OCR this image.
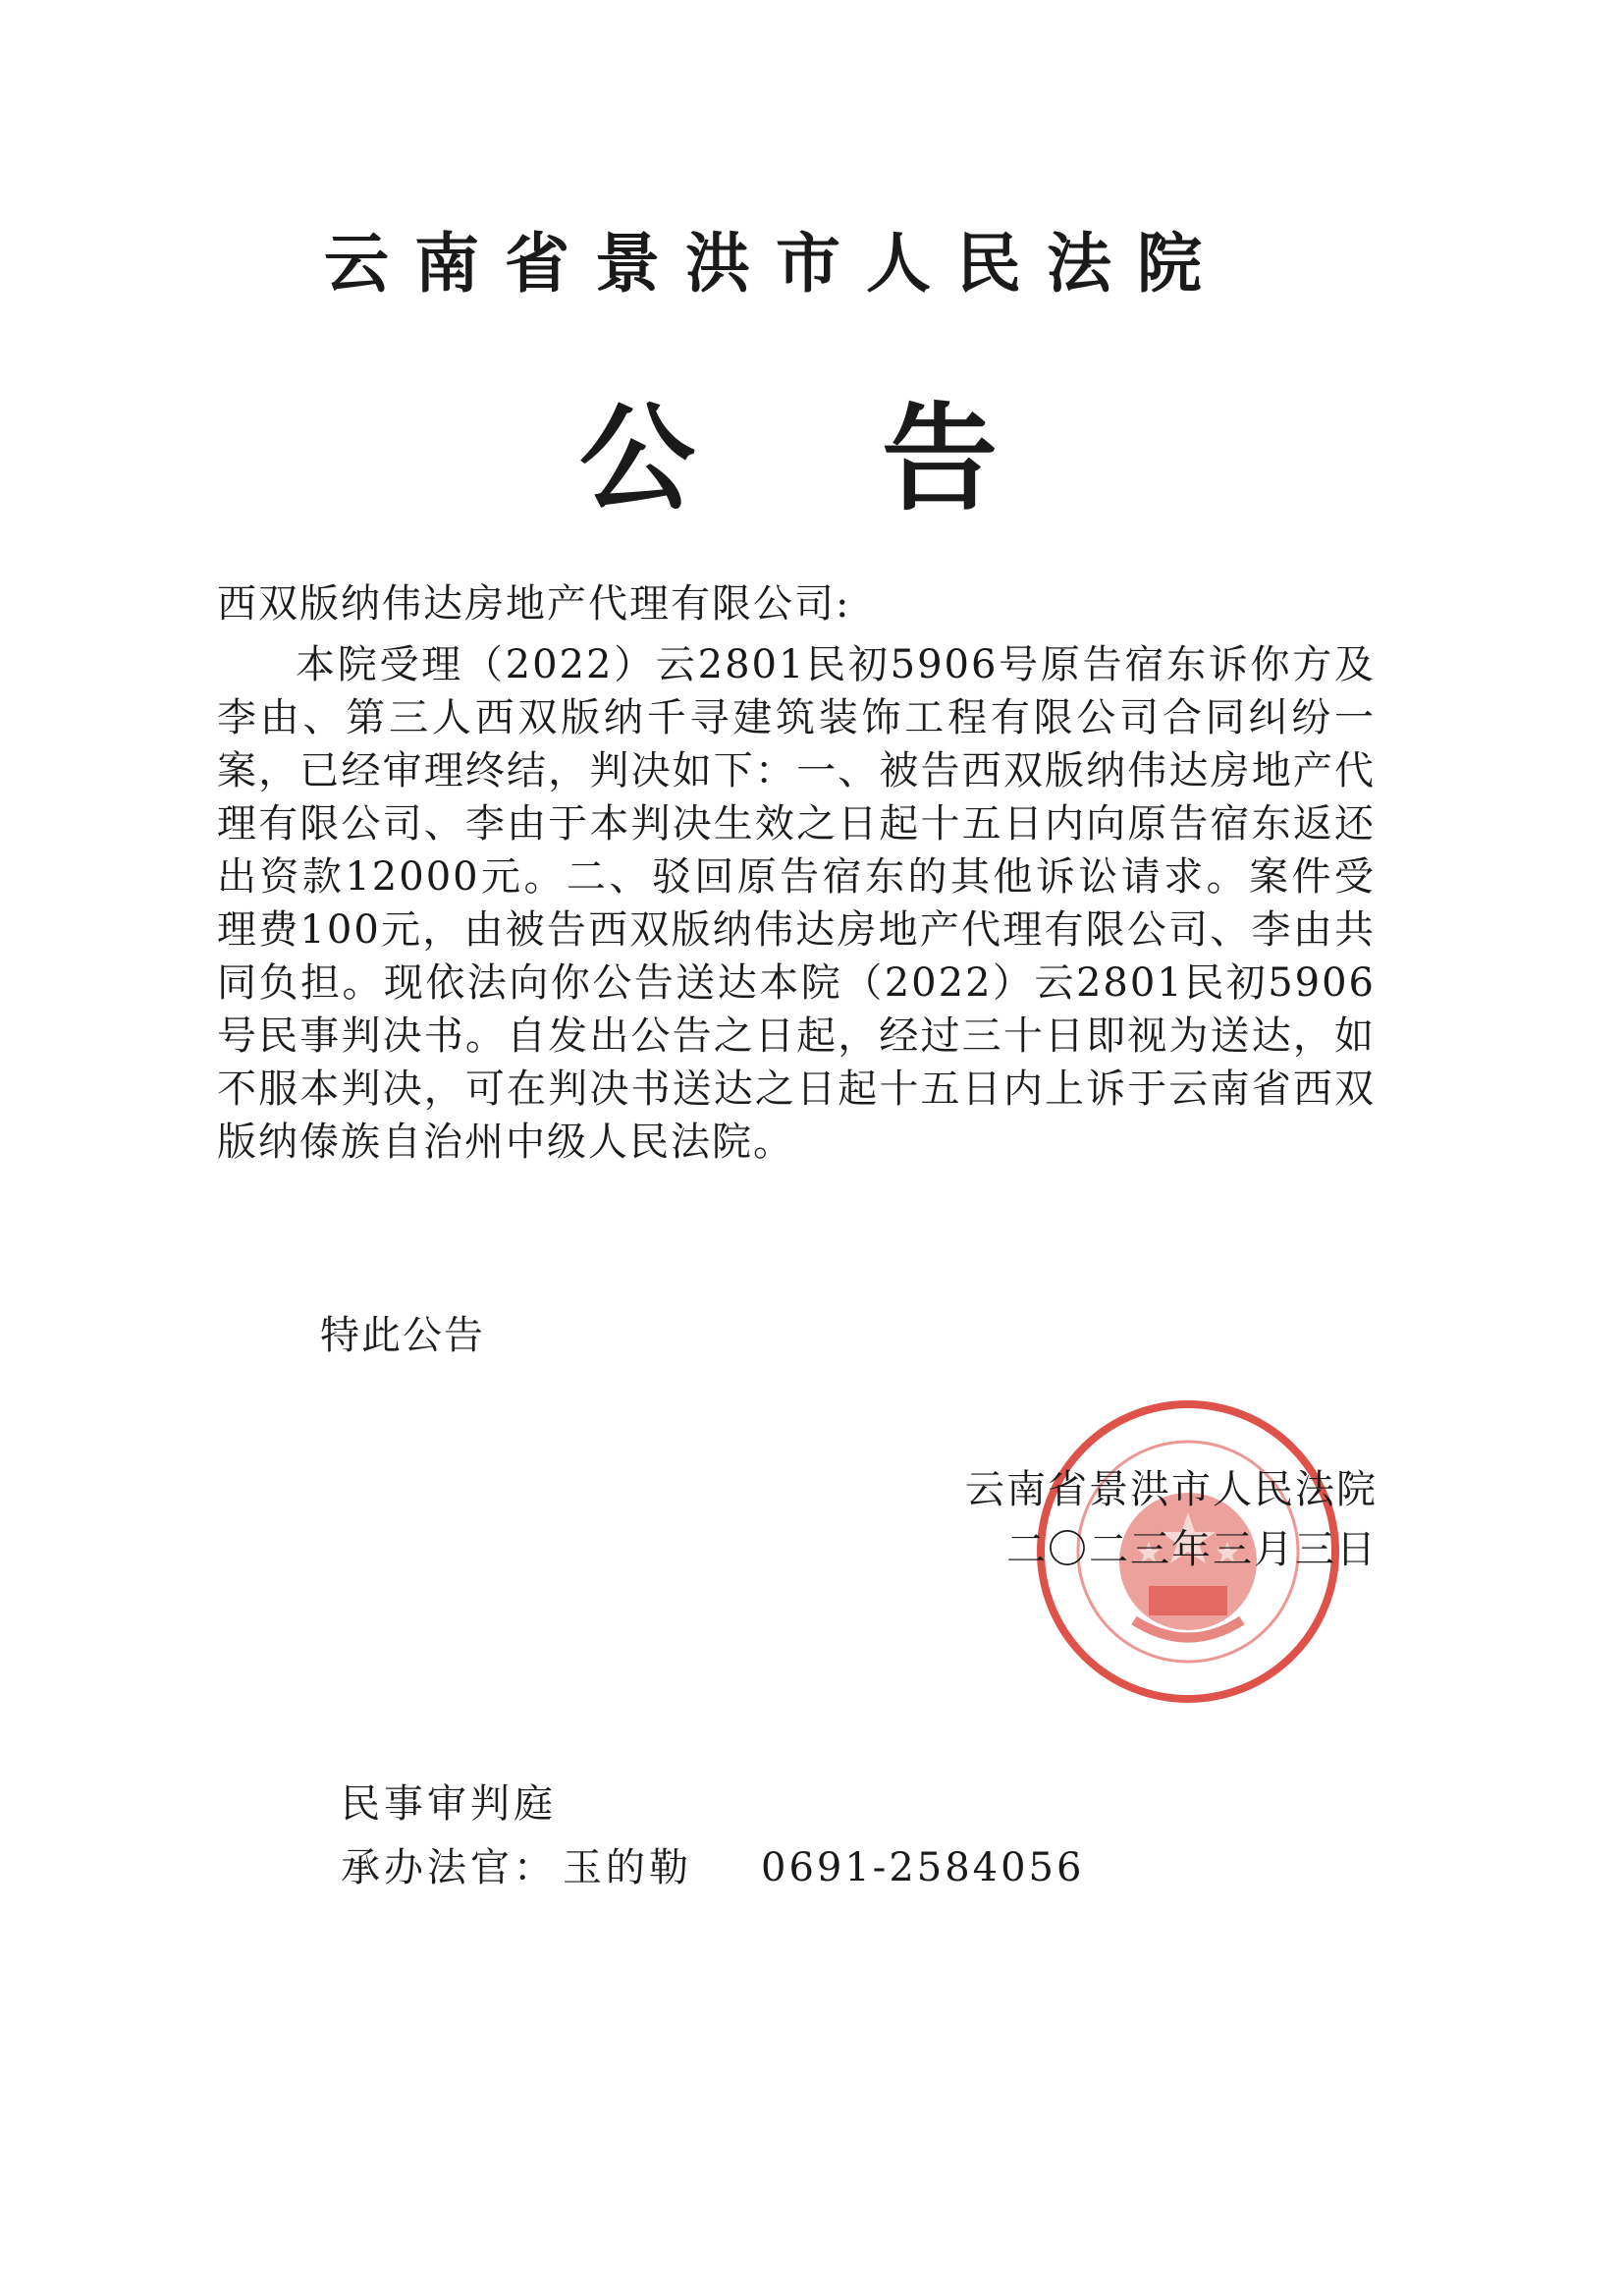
云南省景洪市人民法院
公告
西双版纳伟达房地产代理有限公司:
本院受理（2022）云2801民初5906号原告宿东诉你方及李由、第三人西双版纳千寻建筑装饰工程有限公司合同纠纷一案，已经审理终结，判决如下：一、被告西双版纳伟达房地产代理有限公司、李由于本判决生效之日起十五日内向原告宿东返还出资款12000元。二、驳回原告宿东的其他诉讼请求。案件受理费100元，由被告西双版纳伟达房地产代理有限公司、李由共同负担。现依法向你公告送达本院（2022）云2801民初5906号民事判决书。自发出公告之日起，经过三十日即视为送达，如不服本判决，可在判决书送达之日起十五日内上诉于云南省西双版纳傣族自治州中级人民法院。
特此公告
云南省景洪市人民法院
二〇二三年三月三日
民事审判庭
承办法官： 玉的勒 0691-2584056
